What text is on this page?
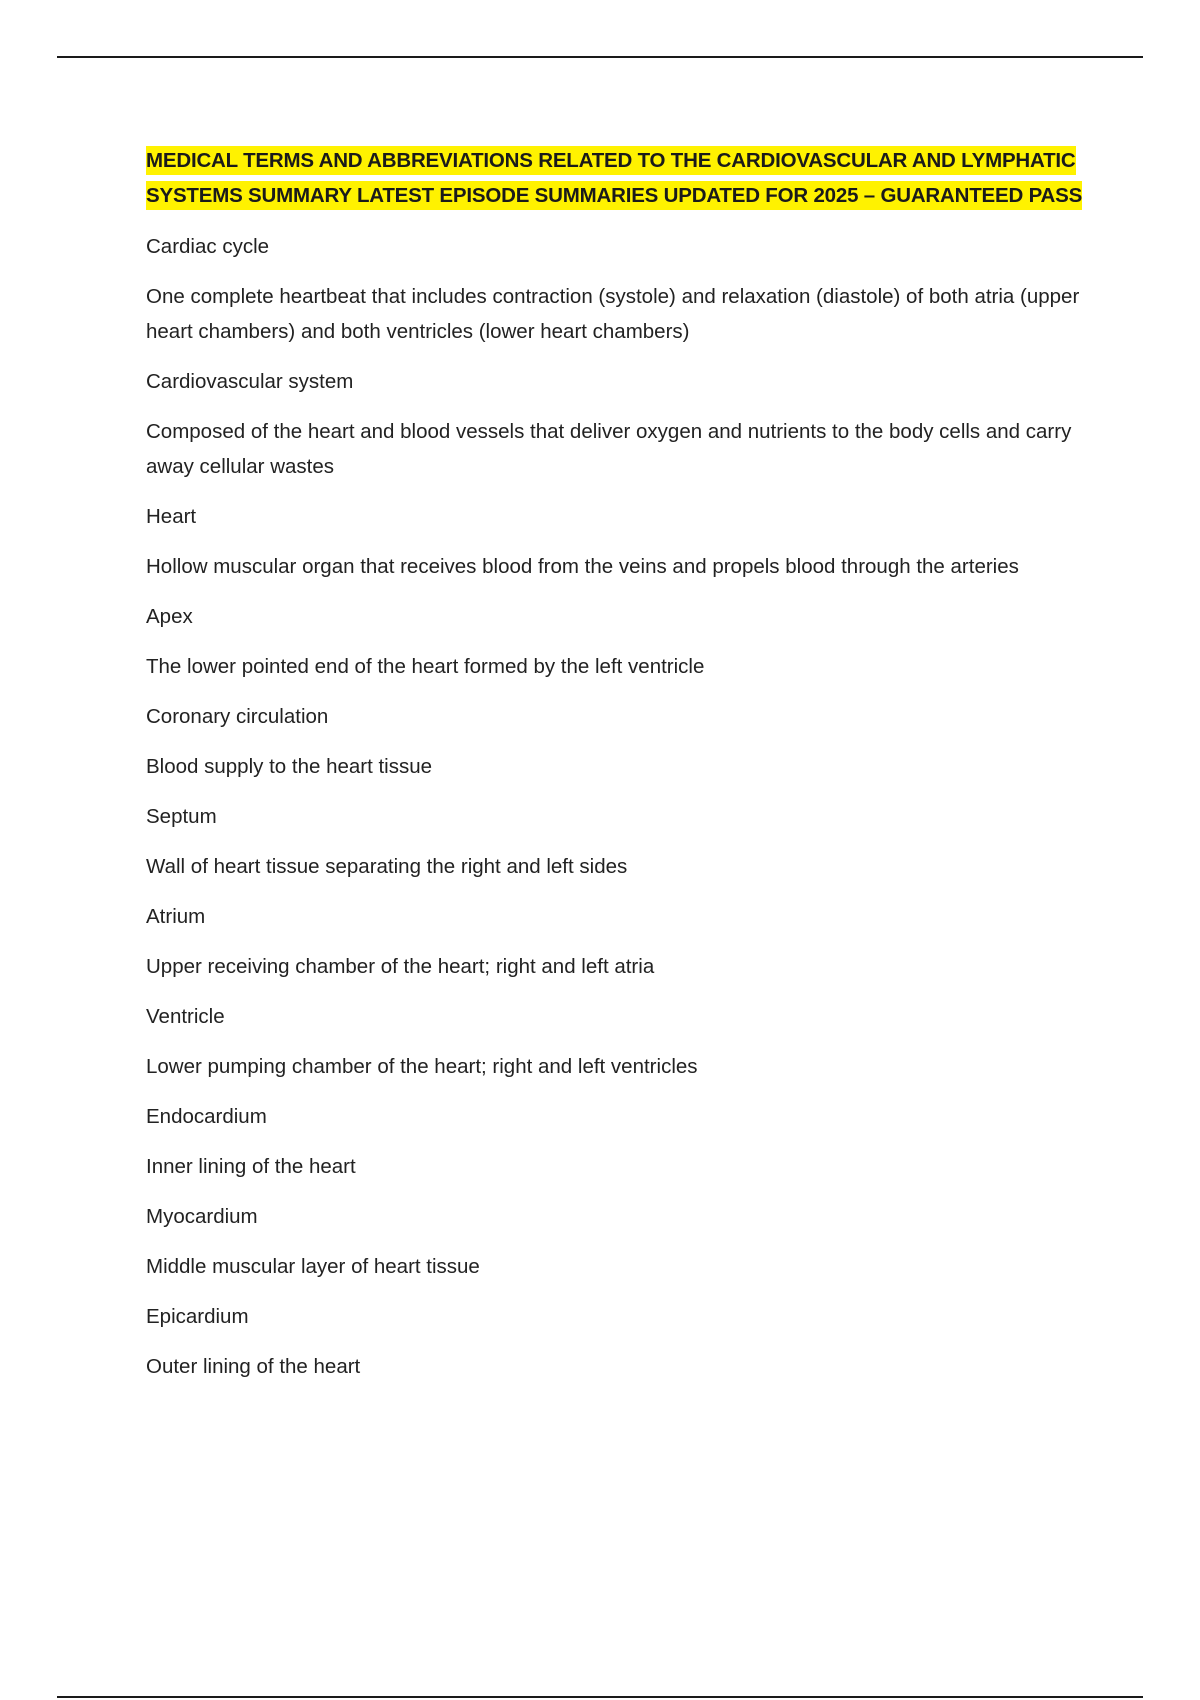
MEDICAL TERMS AND ABBREVIATIONS RELATED TO THE CARDIOVASCULAR AND LYMPHATIC SYSTEMS SUMMARY LATEST EPISODE SUMMARIES UPDATED FOR 2025 – GUARANTEED PASS

Cardiac cycle

One complete heartbeat that includes contraction (systole) and relaxation (diastole) of both atria (upper heart chambers) and both ventricles (lower heart chambers)

Cardiovascular system

Composed of the heart and blood vessels that deliver oxygen and nutrients to the body cells and carry away cellular wastes

Heart

Hollow muscular organ that receives blood from the veins and propels blood through the arteries

Apex

The lower pointed end of the heart formed by the left ventricle

Coronary circulation

Blood supply to the heart tissue

Septum

Wall of heart tissue separating the right and left sides

Atrium

Upper receiving chamber of the heart; right and left atria

Ventricle

Lower pumping chamber of the heart; right and left ventricles

Endocardium

Inner lining of the heart

Myocardium

Middle muscular layer of heart tissue

Epicardium

Outer lining of the heart
